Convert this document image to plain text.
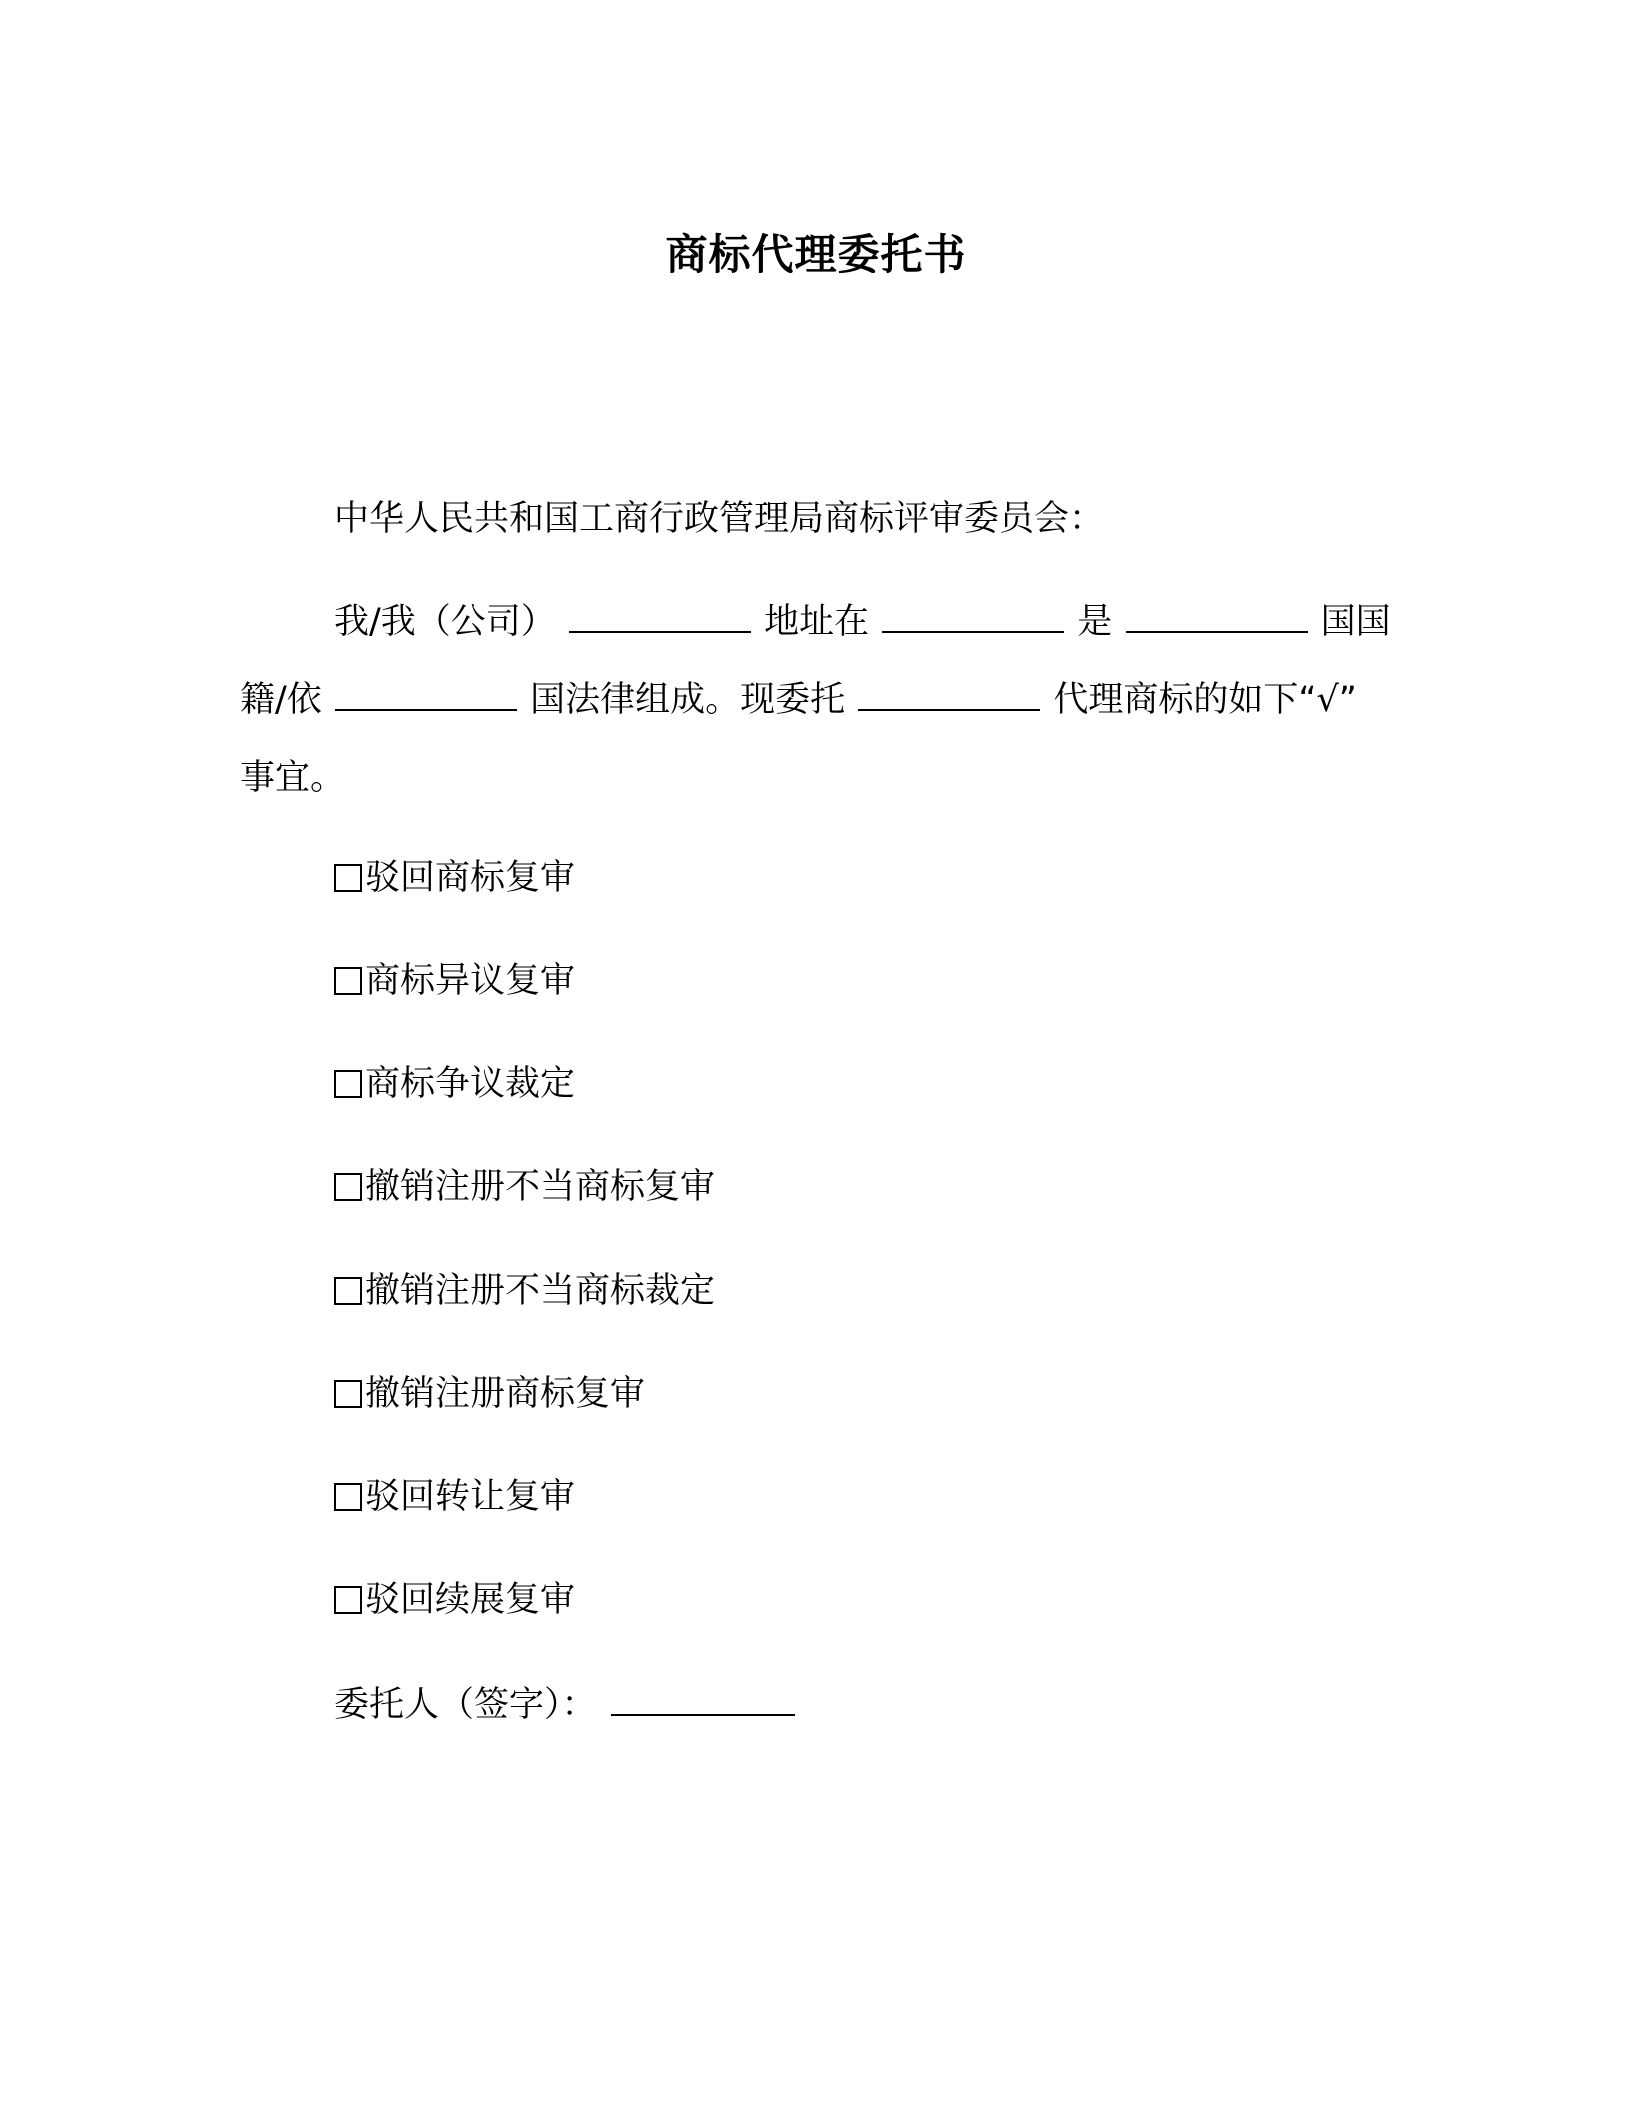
商标代理委托书
中华人民共和国工商行政管理局商标评审委员会：
我/我（公司）	地址在	是	国国
籍/依	国法律组成。现委托	代理商标的如下“√”
事宜。
驳回商标复审
商标异议复审
商标争议裁定
撤销注册不当商标复审
撤销注册不当商标裁定
撤销注册商标复审
驳回转让复审
驳回续展复审
委托人（签字）：
